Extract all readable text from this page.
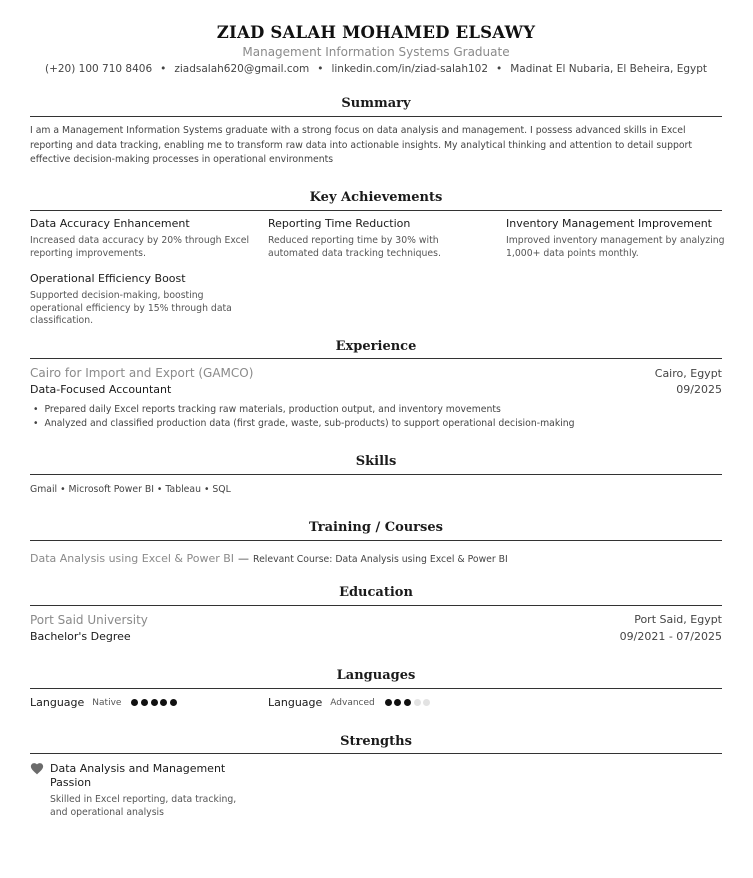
ZIAD SALAH MOHAMED ELSAWY
Management Information Systems Graduate
(+20) 100 710 8406 • ziadsalah620@gmail.com • linkedin.com/in/ziad-salah102 • Madinat El Nubaria, El Beheira, Egypt
Summary
I am a Management Information Systems graduate with a strong focus on data analysis and management. I possess advanced skills in Excel reporting and data tracking, enabling me to transform raw data into actionable insights. My analytical thinking and attention to detail support effective decision-making processes in operational environments
Key Achievements
Data Accuracy Enhancement
Increased data accuracy by 20% through Excel reporting improvements.
Reporting Time Reduction
Reduced reporting time by 30% with automated data tracking techniques.
Inventory Management Improvement
Improved inventory management by analyzing 1,000+ data points monthly.
Operational Efficiency Boost
Supported decision-making, boosting operational efficiency by 15% through data classification.
Experience
Cairo for Import and Export (GAMCO)	Cairo, Egypt
Data-Focused Accountant	09/2025
• Prepared daily Excel reports tracking raw materials, production output, and inventory movements
• Analyzed and classified production data (first grade, waste, sub-products) to support operational decision-making
Skills
Gmail • Microsoft Power BI • Tableau • SQL
Training / Courses
Data Analysis using Excel & Power BI — Relevant Course: Data Analysis using Excel & Power BI
Education
Port Said University	Port Said, Egypt
Bachelor's Degree	09/2021 - 07/2025
Languages
Language Native	Language Advanced
Strengths
Data Analysis and Management Passion
Skilled in Excel reporting, data tracking, and operational analysis
